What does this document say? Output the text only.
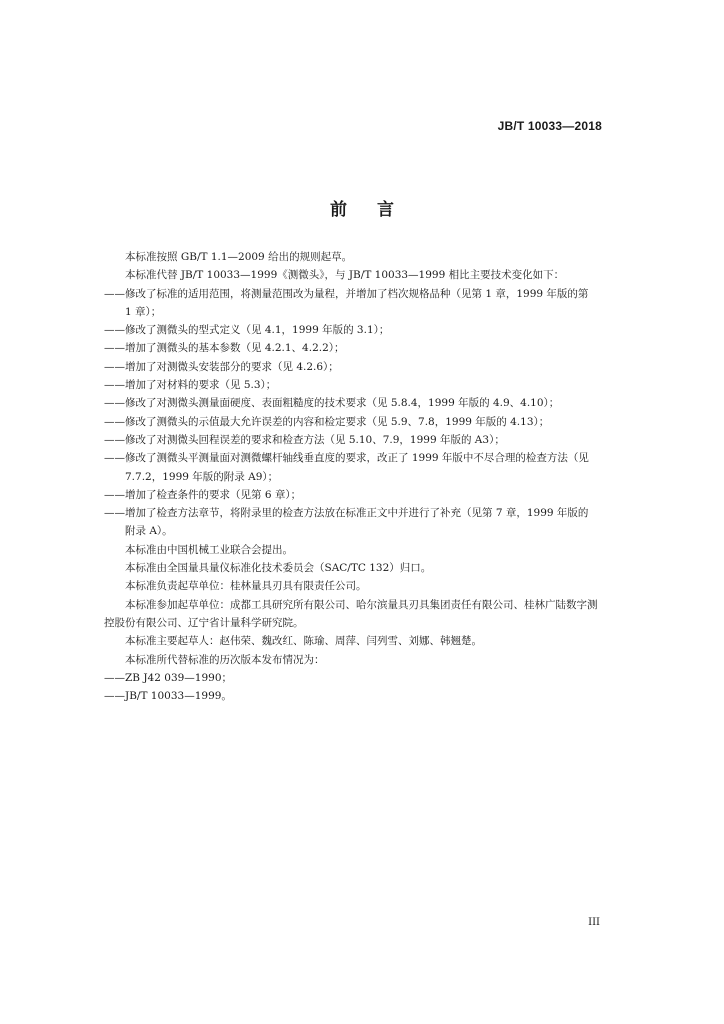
JB/T 10033—2018
前言

本标准按照 GB/T 1.1—2009 给出的规则起草。

本标准代替 JB/T 10033—1999《测微头》，与 JB/T 10033—1999 相比主要技术变化如下：

—— 修改了标准的适用范围，将测量范围改为量程，并增加了档次规格品种（见第 1 章，1999 年版的第 1 章）；
—— 修改了测微头的型式定义（见 4.1，1999 年版的 3.1）；
—— 增加了测微头的基本参数（见 4.2.1、4.2.2）；
—— 增加了对测微头安装部分的要求（见 4.2.6）；
—— 增加了对材料的要求（见 5.3）；
—— 修改了对测微头测量面硬度、表面粗糙度的技术要求（见 5.8.4，1999 年版的 4.9、4.10）；
—— 修改了测微头的示值最大允许误差的内容和检定要求（见 5.9、7.8，1999 年版的 4.13）；
—— 修改了对测微头回程误差的要求和检查方法（见 5.10、7.9，1999 年版的 A3）；
—— 修改了测微头平测量面对测微螺杆轴线垂直度的要求，改正了 1999 年版中不尽合理的检查方法（见 7.7.2，1999 年版的附录 A9）；
—— 增加了检查条件的要求（见第 6 章）；
—— 增加了检查方法章节，将附录里的检查方法放在标准正文中并进行了补充（见第 7 章，1999 年版的附录 A）。

本标准由中国机械工业联合会提出。

本标准由全国量具量仪标准化技术委员会（SAC/TC 132）归口。

本标准负责起草单位：桂林量具刃具有限责任公司。

本标准参加起草单位：成都工具研究所有限公司、哈尔滨量具刃具集团责任有限公司、桂林广陆数字测控股份有限公司、辽宁省计量科学研究院。

本标准主要起草人：赵伟荣、魏改红、陈瑜、周萍、闫列雪、刘娜、韩翘楚。

本标准所代替标准的历次版本发布情况为：

—— ZB J42 039—1990；
—— JB/T 10033—1999。
III
